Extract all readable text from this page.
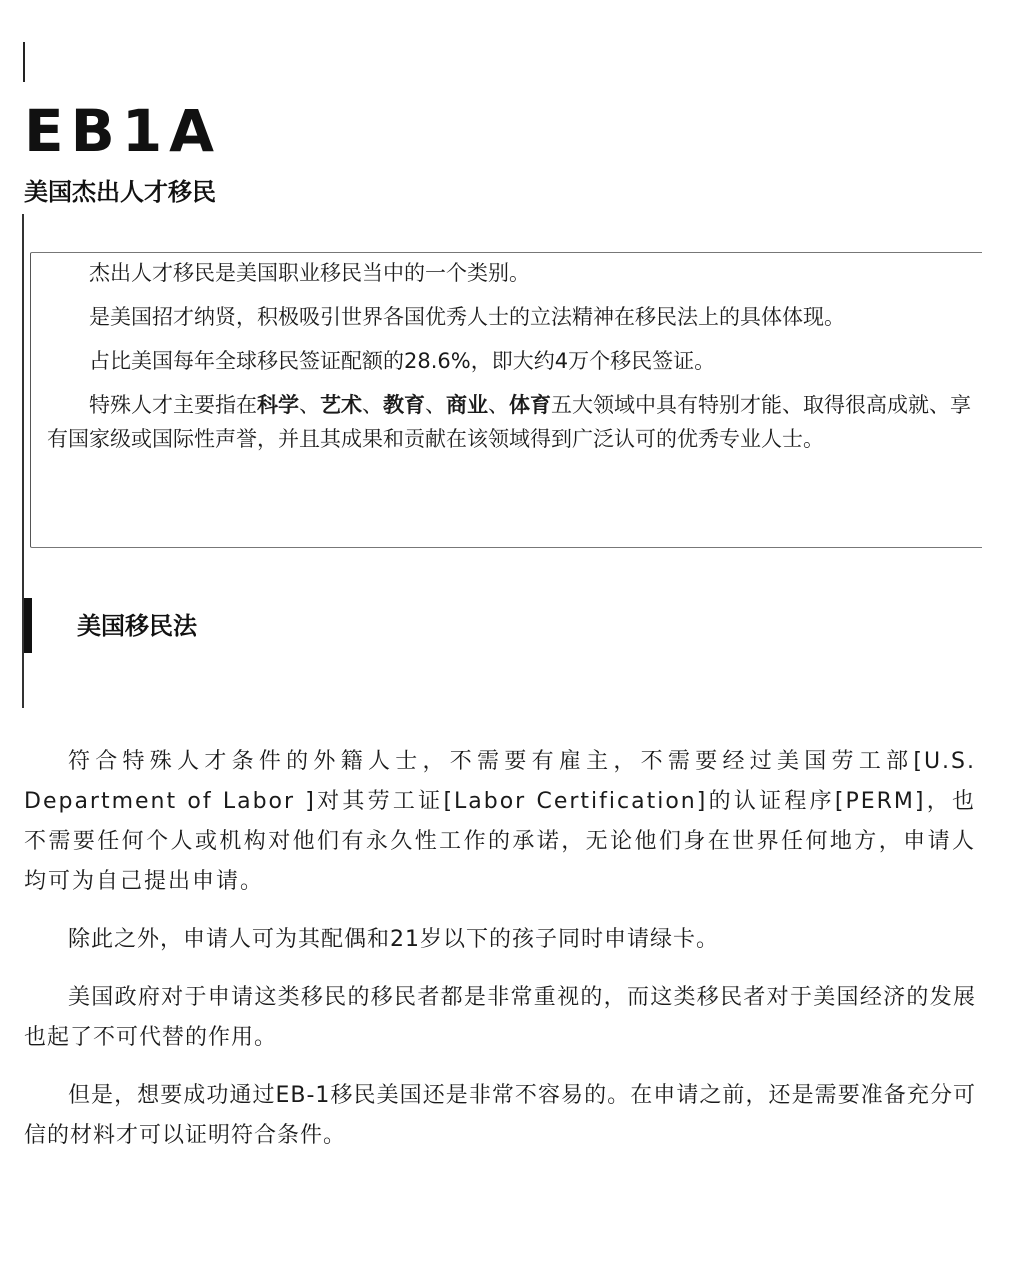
EB1A
美国杰出人才移民

杰出人才移民是美国职业移民当中的一个类别。

是美国招才纳贤，积极吸引世界各国优秀人士的立法精神在移民法上的具体体现。

占比美国每年全球移民签证配额的28.6%，即大约4万个移民签证。

特殊人才主要指在科学、艺术、教育、商业、体育五大领域中具有特别才能、取得很高成就、享有国家级或国际性声誉，并且其成果和贡献在该领域得到广泛认可的优秀专业人士。

美国移民法

符合特殊人才条件的外籍人士，不需要有雇主，不需要经过美国劳工部[U.S. Department of Labor ]对其劳工证[Labor Certification]的认证程序[PERM]，也不需要任何个人或机构对他们有永久性工作的承诺，无论他们身在世界任何地方，申请人均可为自己提出申请。

除此之外，申请人可为其配偶和21岁以下的孩子同时申请绿卡。

美国政府对于申请这类移民的移民者都是非常重视的，而这类移民者对于美国经济的发展也起了不可代替的作用。

但是，想要成功通过EB-1移民美国还是非常不容易的。在申请之前，还是需要准备充分可信的材料才可以证明符合条件。
